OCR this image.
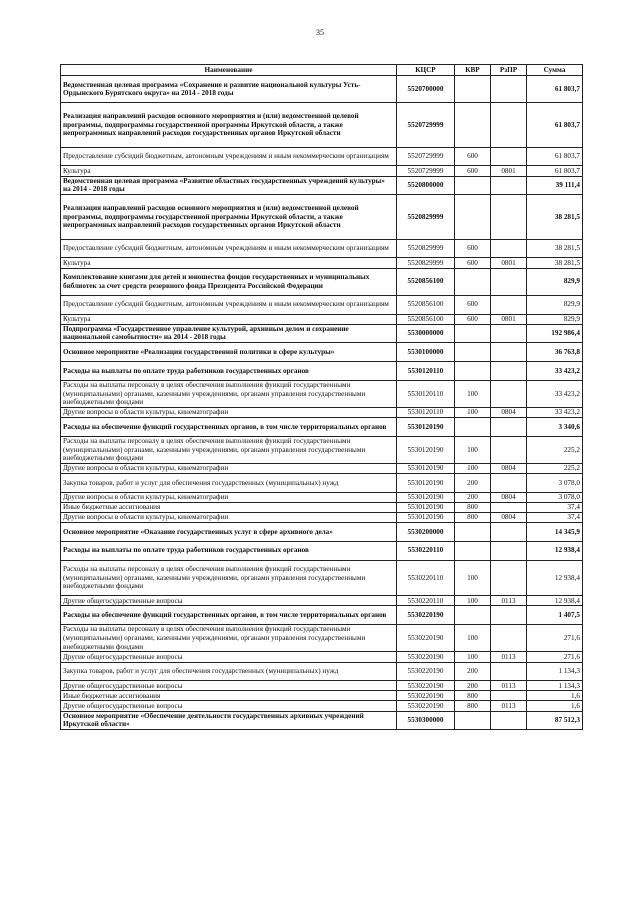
35
Наименование	КЦСР	КВР	РзПР	Сумма
Ведомственная целевая программа «Сохранение и развитие национальной культуры Усть-Ордынского Бурятского округа» на 2014 - 2018 годы	5520700000			61 803,7
Реализация направлений расходов основного мероприятия и (или) ведомственной целевой программы, подпрограммы государственной программы Иркутской области, а также непрограммных направлений расходов государственных органов Иркутской области	5520729999			61 803,7
Предоставление субсидий бюджетным, автономным учреждениям и иным некоммерческим организациям	5520729999	600		61 803,7
Культура	5520729999	600	0801	61 803,7
Ведомственная целевая программа «Развитие областных государственных учреждений культуры» на 2014 - 2018 годы	5520800000			39 111,4
Реализация направлений расходов основного мероприятия и (или) ведомственной целевой программы, подпрограммы государственной программы Иркутской области, а также непрограммных направлений расходов государственных органов Иркутской области	5520829999			38 281,5
Предоставление субсидий бюджетным, автономным учреждениям и иным некоммерческим организациям	5520829999	600		38 281,5
Культура	5520829999	600	0801	38 281,5
Комплектование книгами для детей и юношества фондов государственных и муниципальных библиотек за счет средств резервного фонда Президента Российской Федерации	5520856100			829,9
Предоставление субсидий бюджетным, автономным учреждениям и иным некоммерческим организациям	5520856100	600		829,9
Культура	5520856100	600	0801	829,9
Подпрограмма «Государственное управление культурой, архивным делом и сохранение национальной самобытности» на 2014 - 2018 годы	5530000000			192 986,4
Основное мероприятие «Реализация государственной политики в сфере культуры»	5530100000			36 763,8
Расходы на выплаты по оплате труда работников государственных органов	5530120110			33 423,2
Расходы на выплаты персоналу в целях обеспечения выполнения функций государственными (муниципальными) органами, казенными учреждениями, органами управления государственными внебюджетными фондами	5530120110	100		33 423,2
Другие вопросы в области культуры, кинематографии	5530120110	100	0804	33 423,2
Расходы на обеспечение функций государственных органов, в том числе территориальных органов	5530120190			3 340,6
Расходы на выплаты персоналу в целях обеспечения выполнения функций государственными (муниципальными) органами, казенными учреждениями, органами управления государственными внебюджетными фондами	5530120190	100		225,2
Другие вопросы в области культуры, кинематографии	5530120190	100	0804	225,2
Закупка товаров, работ и услуг для обеспечения государственных (муниципальных) нужд	5530120190	200		3 078,0
Другие вопросы в области культуры, кинематографии	5530120190	200	0804	3 078,0
Иные бюджетные ассигнования	5530120190	800		37,4
Другие вопросы в области культуры, кинематографии	5530120190	800	0804	37,4
Основное мероприятие «Оказание государственных услуг в сфере архивного дела»	5530200000			14 345,9
Расходы на выплаты по оплате труда работников государственных органов	5530220110			12 938,4
Расходы на выплаты персоналу в целях обеспечения выполнения функций государственными (муниципальными) органами, казенными учреждениями, органами управления государственными внебюджетными фондами	5530220110	100		12 938,4
Другие общегосударственные вопросы	5530220110	100	0113	12 938,4
Расходы на обеспечение функций государственных органов, в том числе территориальных органов	5530220190			1 407,5
Расходы на выплаты персоналу в целях обеспечения выполнения функций государственными (муниципальными) органами, казенными учреждениями, органами управления государственными внебюджетными фондами	5530220190	100		271,6
Другие общегосударственные вопросы	5530220190	100	0113	271,6
Закупка товаров, работ и услуг для обеспечения государственных (муниципальных) нужд	5530220190	200		1 134,3
Другие общегосударственные вопросы	5530220190	200	0113	1 134,3
Иные бюджетные ассигнования	5530220190	800		1,6
Другие общегосударственные вопросы	5530220190	800	0113	1,6
Основное мероприятие «Обеспечение деятельности государственных архивных учреждений Иркутской области»	5530300000			87 512,3
